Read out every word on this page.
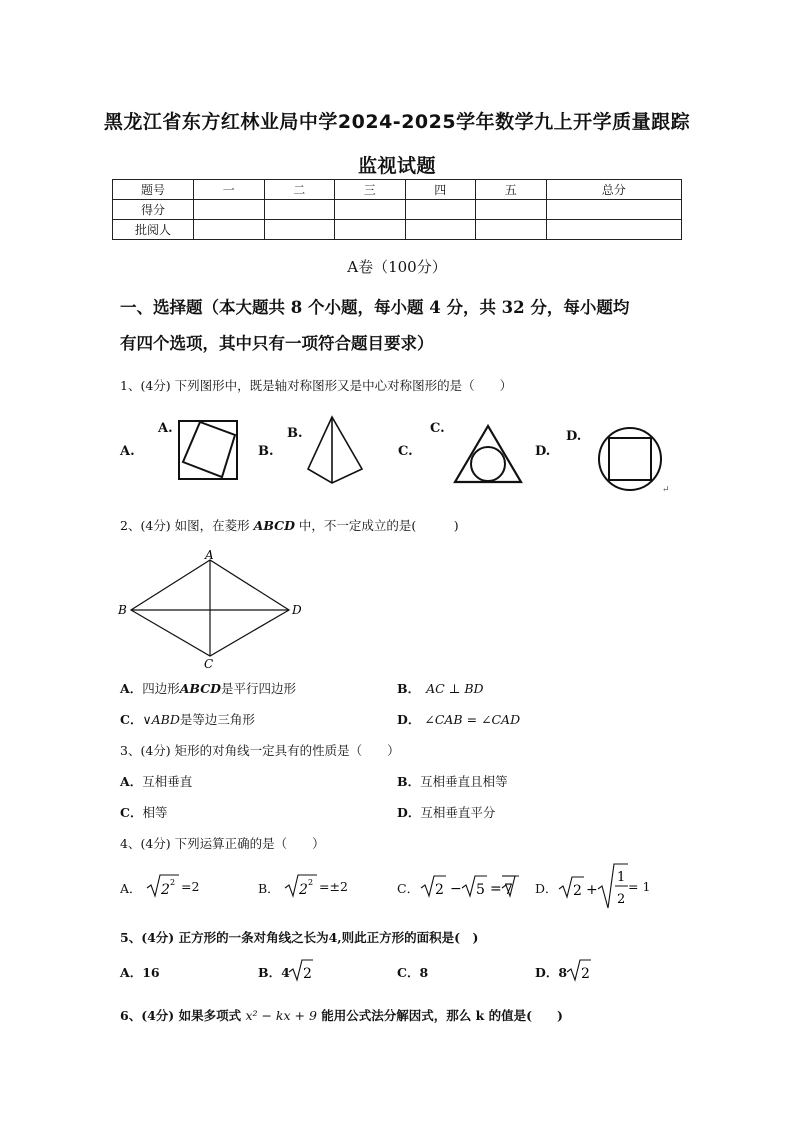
黑龙江省东方红林业局中学2024-2025学年数学九上开学质量跟踪
监视试题
题号	一	二	三	四	五	总分
得分						
批阅人						
A卷（100分）
一、选择题（本大题共 8 个小题，每小题 4 分，共 32 分，每小题均
有四个选项，其中只有一项符合题目要求）
1、(4分) 下列图形中，既是轴对称图形又是中心对称图形的是（　　）
A.
A.
B.
B.
C.
C.
D.
D.
↵
2、(4分) 如图，在菱形 ABCD 中，不一定成立的是(　　　)
A
B	D
C
A．四边形ABCD是平行四边形	B． AC ⊥ BD
C．∨ABD是等边三角形	D． ∠CAB = ∠CAD
3、(4分) 矩形的对角线一定具有的性质是（　　）
A．互相垂直	B．互相垂直且相等
C．相等	D．互相垂直平分
4、(4分) 下列运算正确的是（　　）
A． 2 2 =2	B． 2 2 =±2	C． 2 − 5 = 7 D． 2 +
1
2
= 1
5、(4分) 正方形的一条对角线之长为4,则此正方形的面积是(　)
A．16	B．4 2	C．8	D．8 2
6、(4分) 如果多项式 x² − kx + 9 能用公式法分解因式，那么 k 的值是(　　)
